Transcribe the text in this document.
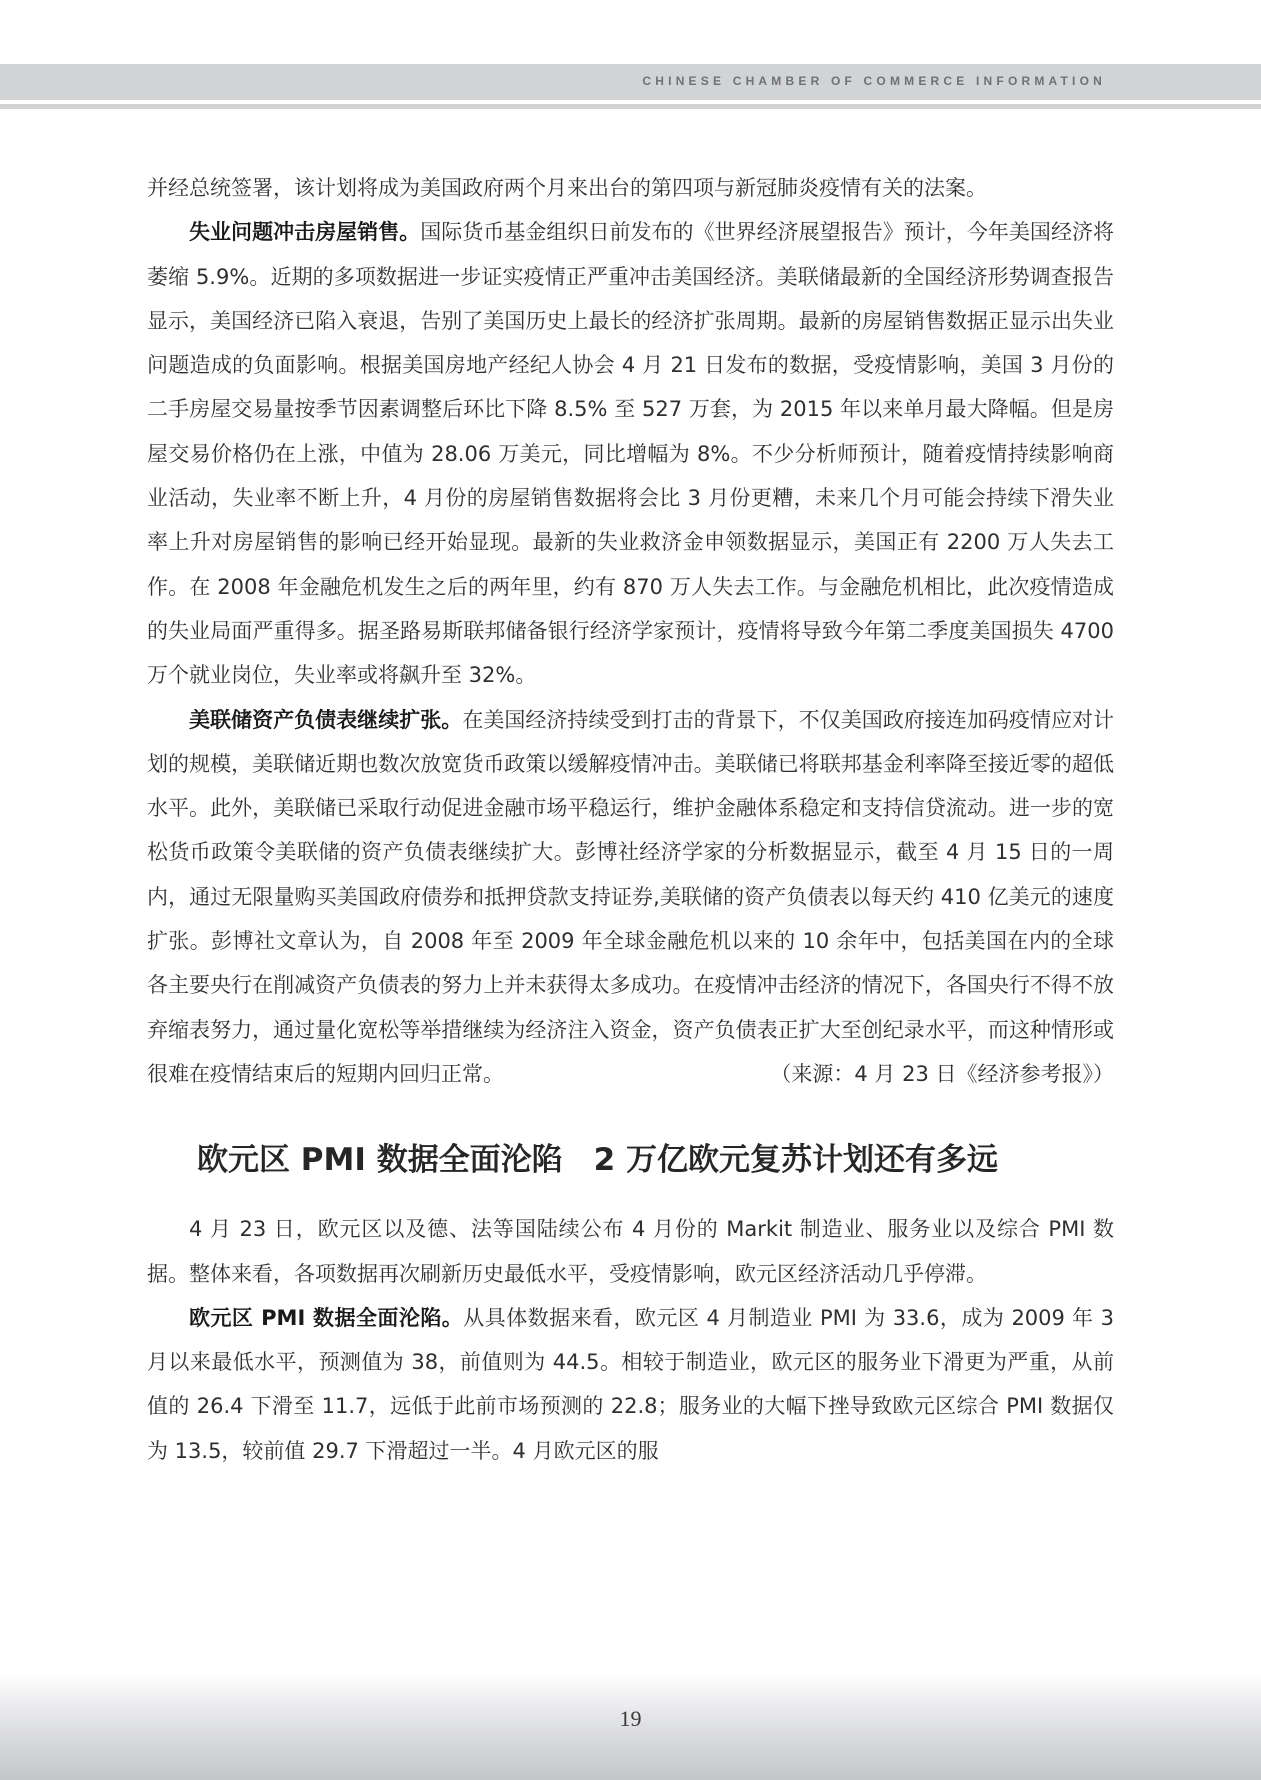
CHINESE CHAMBER OF COMMERCE INFORMATION

并经总统签署，该计划将成为美国政府两个月来出台的第四项与新冠肺炎疫情有关的法案。

失业问题冲击房屋销售。国际货币基金组织日前发布的《世界经济展望报告》预计，今年美国经济将萎缩 5.9%。近期的多项数据进一步证实疫情正严重冲击美国经济。美联储最新的全国经济形势调查报告显示，美国经济已陷入衰退，告别了美国历史上最长的经济扩张周期。最新的房屋销售数据正显示出失业问题造成的负面影响。根据美国房地产经纪人协会 4 月 21 日发布的数据，受疫情影响，美国 3 月份的二手房屋交易量按季节因素调整后环比下降 8.5% 至 527 万套，为 2015 年以来单月最大降幅。但是房屋交易价格仍在上涨，中值为 28.06 万美元，同比增幅为 8%。不少分析师预计，随着疫情持续影响商业活动，失业率不断上升，4 月份的房屋销售数据将会比 3 月份更糟，未来几个月可能会持续下滑失业率上升对房屋销售的影响已经开始显现。最新的失业救济金申领数据显示，美国正有 2200 万人失去工作。在 2008 年金融危机发生之后的两年里，约有 870 万人失去工作。与金融危机相比，此次疫情造成的失业局面严重得多。据圣路易斯联邦储备银行经济学家预计，疫情将导致今年第二季度美国损失 4700 万个就业岗位，失业率或将飙升至 32%。

美联储资产负债表继续扩张。在美国经济持续受到打击的背景下，不仅美国政府接连加码疫情应对计划的规模，美联储近期也数次放宽货币政策以缓解疫情冲击。美联储已将联邦基金利率降至接近零的超低水平。此外，美联储已采取行动促进金融市场平稳运行，维护金融体系稳定和支持信贷流动。进一步的宽松货币政策令美联储的资产负债表继续扩大。彭博社经济学家的分析数据显示，截至 4 月 15 日的一周内，通过无限量购买美国政府债券和抵押贷款支持证券,美联储的资产负债表以每天约 410 亿美元的速度扩张。彭博社文章认为，自 2008 年至 2009 年全球金融危机以来的 10 余年中，包括美国在内的全球各主要央行在削减资产负债表的努力上并未获得太多成功。在疫情冲击经济的情况下，各国央行不得不放弃缩表努力，通过量化宽松等举措继续为经济注入资金，资产负债表正扩大至创纪录水平，而这种情形或很难在疫情结束后的短期内回归正常。	（来源：4 月 23 日《经济参考报》）

欧元区 PMI 数据全面沦陷　2 万亿欧元复苏计划还有多远

4 月 23 日，欧元区以及德、法等国陆续公布 4 月份的 Markit 制造业、服务业以及综合 PMI 数据。整体来看，各项数据再次刷新历史最低水平，受疫情影响，欧元区经济活动几乎停滞。

欧元区 PMI 数据全面沦陷。从具体数据来看，欧元区 4 月制造业 PMI 为 33.6，成为 2009 年 3 月以来最低水平，预测值为 38，前值则为 44.5。相较于制造业，欧元区的服务业下滑更为严重，从前值的 26.4 下滑至 11.7，远低于此前市场预测的 22.8；服务业的大幅下挫导致欧元区综合 PMI 数据仅为 13.5，较前值 29.7 下滑超过一半。4 月欧元区的服

19
